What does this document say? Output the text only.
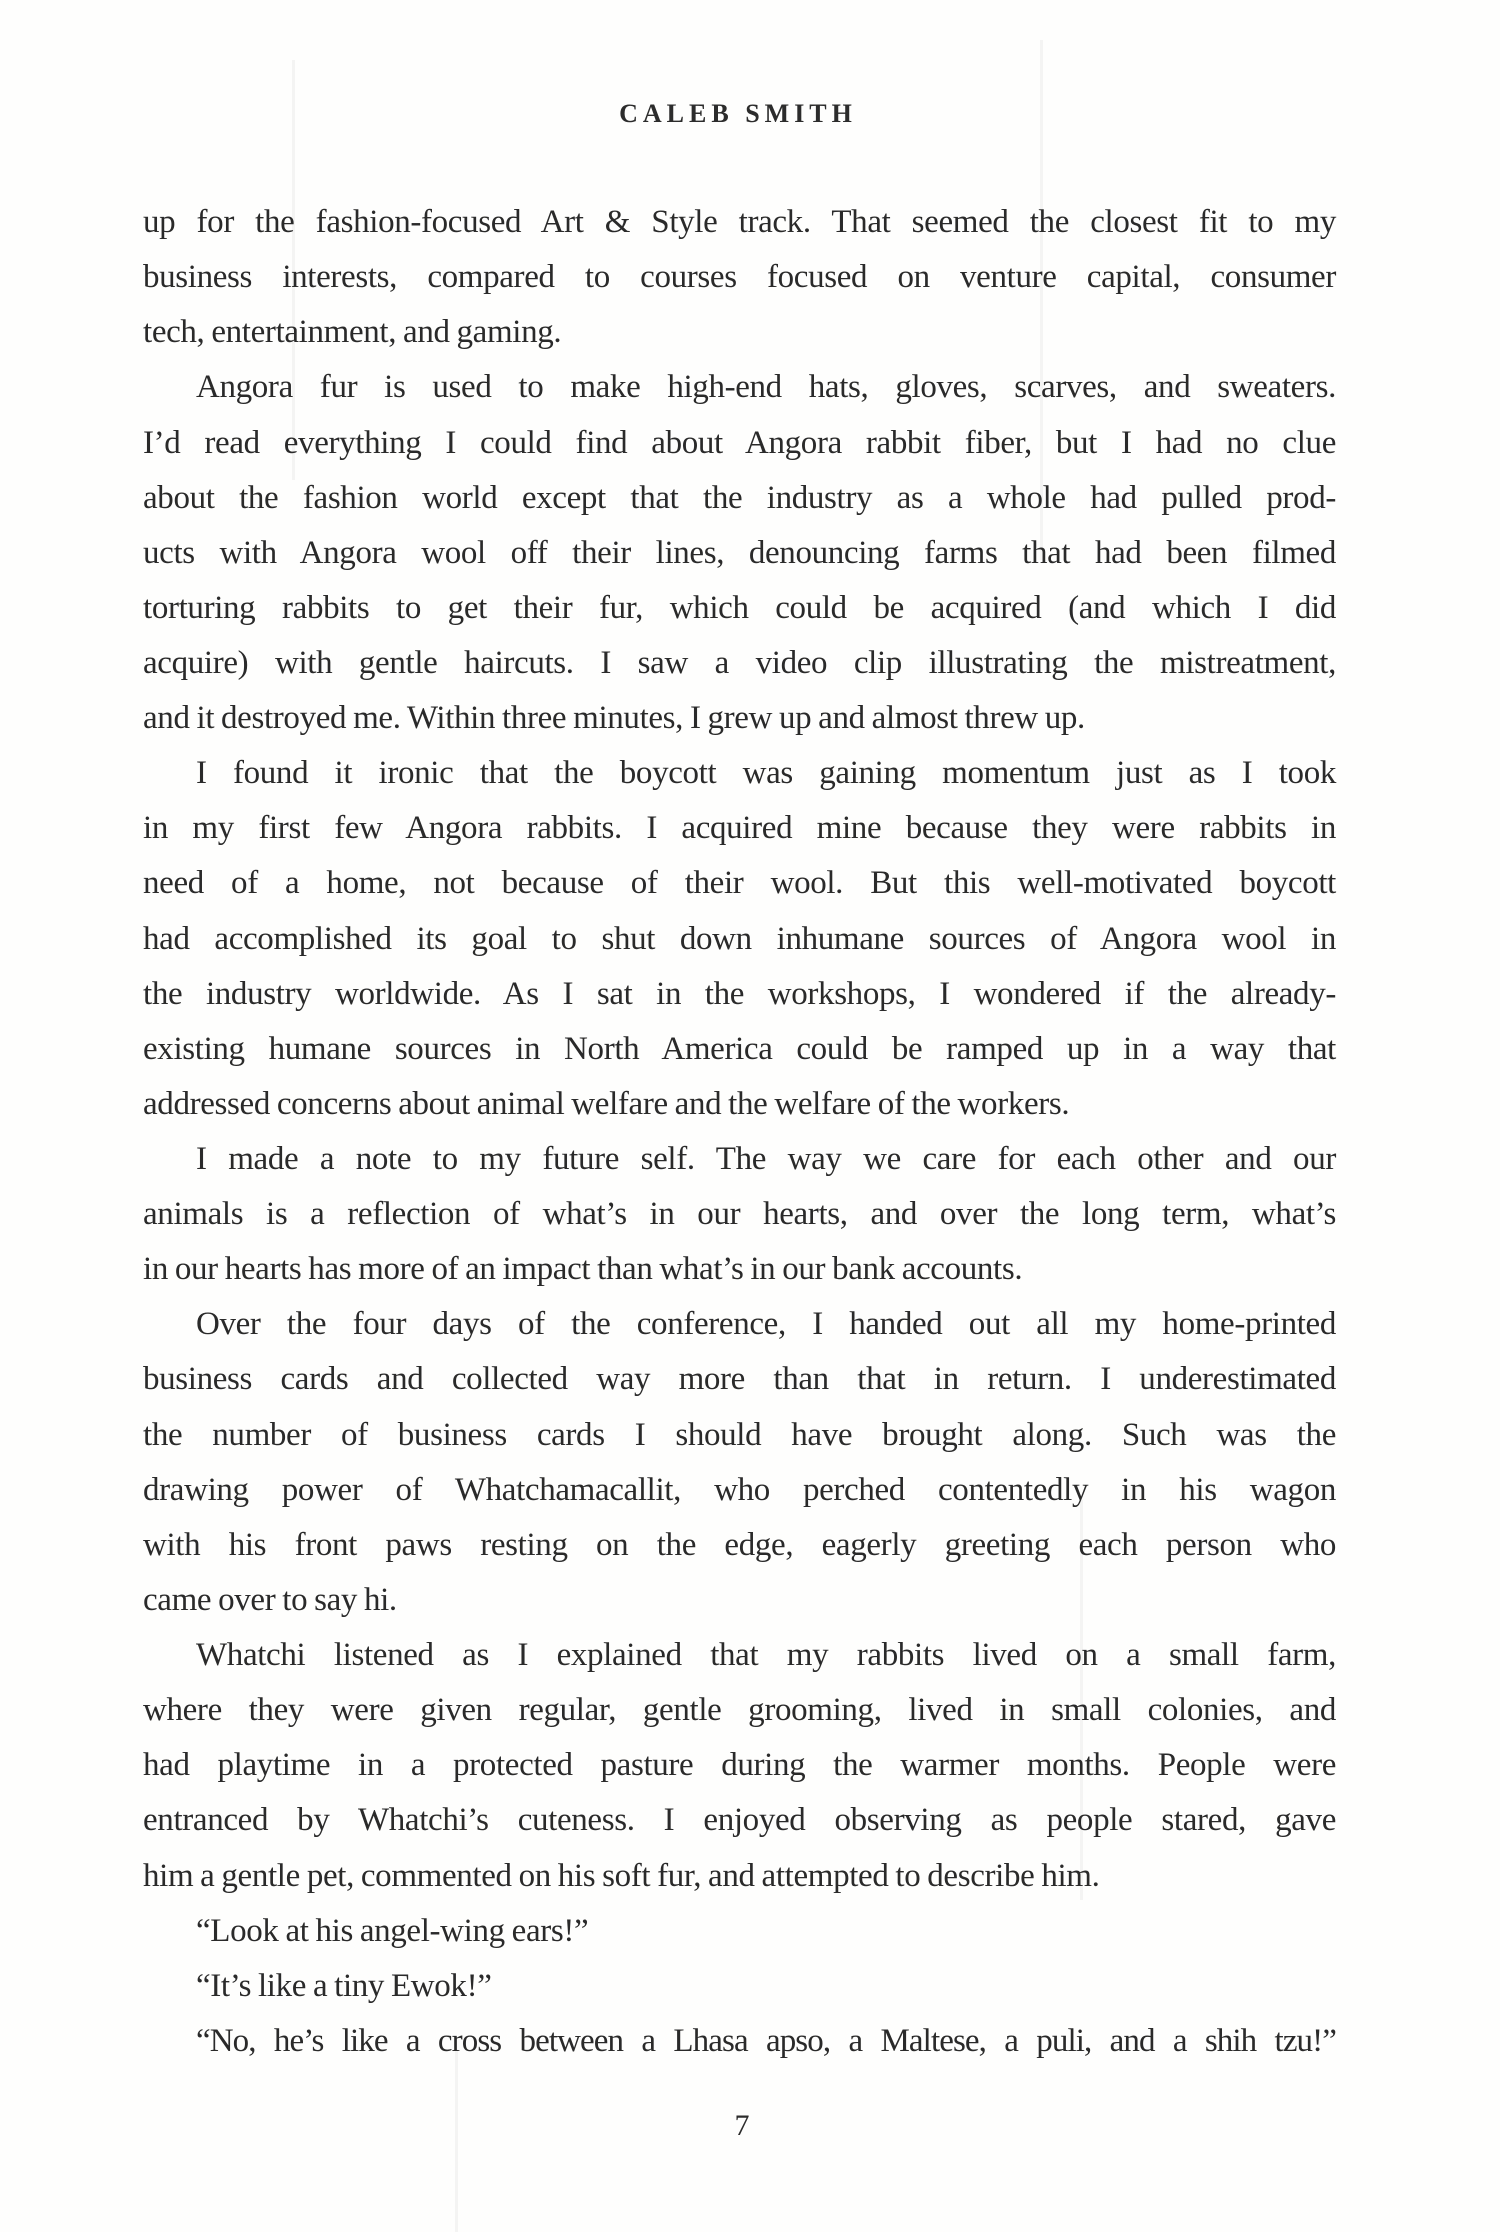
CALEB SMITH
up for the fashion-focused Art & Style track. That seemed the closest fit to my
business interests, compared to courses focused on venture capital, consumer
tech, entertainment, and gaming.
Angora fur is used to make high-end hats, gloves, scarves, and sweaters.
I’d read everything I could find about Angora rabbit fiber, but I had no clue
about the fashion world except that the industry as a whole had pulled prod-
ucts with Angora wool off their lines, denouncing farms that had been filmed
torturing rabbits to get their fur, which could be acquired (and which I did
acquire) with gentle haircuts. I saw a video clip illustrating the mistreatment,
and it destroyed me. Within three minutes, I grew up and almost threw up.
I found it ironic that the boycott was gaining momentum just as I took
in my first few Angora rabbits. I acquired mine because they were rabbits in
need of a home, not because of their wool. But this well-motivated boycott
had accomplished its goal to shut down inhumane sources of Angora wool in
the industry worldwide. As I sat in the workshops, I wondered if the already-
existing humane sources in North America could be ramped up in a way that
addressed concerns about animal welfare and the welfare of the workers.
I made a note to my future self. The way we care for each other and our
animals is a reflection of what’s in our hearts, and over the long term, what’s
in our hearts has more of an impact than what’s in our bank accounts.
Over the four days of the conference, I handed out all my home-printed
business cards and collected way more than that in return. I underestimated
the number of business cards I should have brought along. Such was the
drawing power of Whatchamacallit, who perched contentedly in his wagon
with his front paws resting on the edge, eagerly greeting each person who
came over to say hi.
Whatchi listened as I explained that my rabbits lived on a small farm,
where they were given regular, gentle grooming, lived in small colonies, and
had playtime in a protected pasture during the warmer months. People were
entranced by Whatchi’s cuteness. I enjoyed observing as people stared, gave
him a gentle pet, commented on his soft fur, and attempted to describe him.
“Look at his angel-wing ears!”
“It’s like a tiny Ewok!”
“No, he’s like a cross between a Lhasa apso, a Maltese, a puli, and a shih tzu!”
7
